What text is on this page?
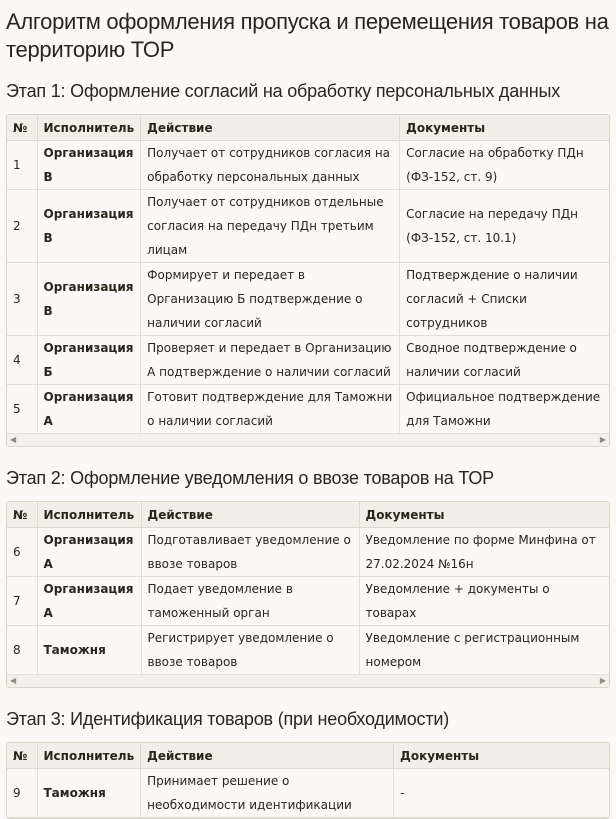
Алгоритм оформления пропуска и перемещения товаров на территорию ТОР
Этап 1: Оформление согласий на обработку персональных данных
№	Исполнитель	Действие	Документы
1	Организация В	Получает от сотрудников согласия на обработку персональных данных	Согласие на обработку ПДн (ФЗ-152, ст. 9)
2	Организация В	Получает от сотрудников отдельные согласия на передачу ПДн третьим лицам	Согласие на передачу ПДн (ФЗ-152, ст. 10.1)
3	Организация В	Формирует и передает в Организацию Б подтверждение о наличии согласий	Подтверждение о наличии согласий + Списки сотрудников
4	Организация Б	Проверяет и передает в Организацию А подтверждение о наличии согласий	Сводное подтверждение о наличии согласий
5	Организация А	Готовит подтверждение для Таможни о наличии согласий	Официальное подтверждение для Таможни
◀	▶
Этап 2: Оформление уведомления о ввозе товаров на ТОР
№	Исполнитель	Действие	Документы
6	Организация А	Подготавливает уведомление о ввозе товаров	Уведомление по форме Минфина от 27.02.2024 №16н
7	Организация А	Подает уведомление в таможенный орган	Уведомление + документы о товарах
8	Таможня	Регистрирует уведомление о ввозе товаров	Уведомление с регистрационным номером
◀	▶
Этап 3: Идентификация товаров (при необходимости)
№	Исполнитель	Действие	Документы
9	Таможня	Принимает решение о необходимости идентификации	-
